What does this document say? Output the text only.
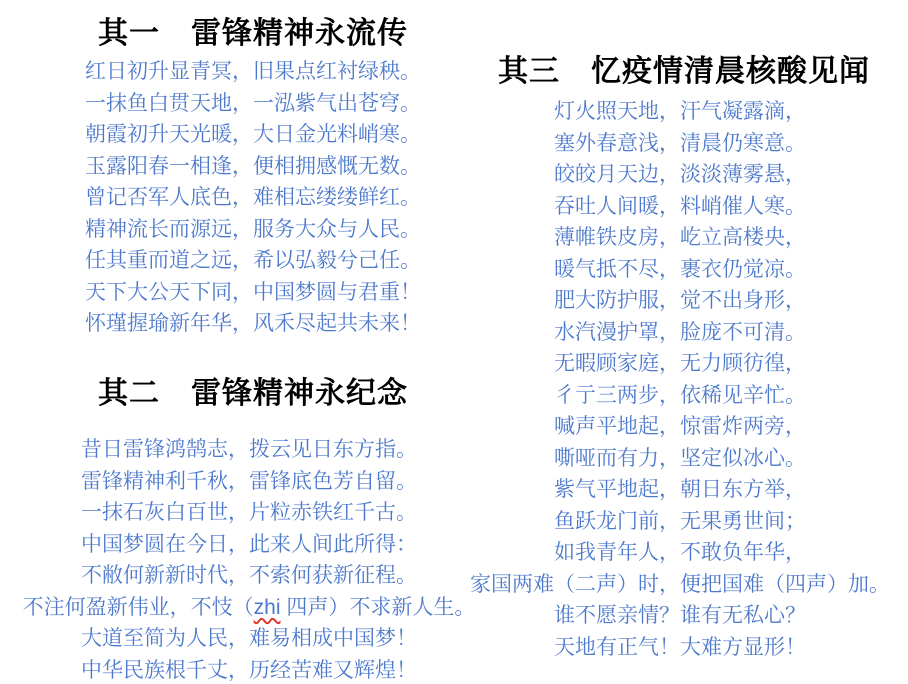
其一　雷锋精神永流传
红日初升显青冥，旧果点红衬绿秧。
一抹鱼白贯天地，一泓紫气出苍穹。
朝霞初升天光暖，大日金光料峭寒。
玉露阳春一相逢，便相拥感慨无数。
曾记否军人底色，难相忘缕缕鲜红。
精神流长而源远，服务大众与人民。
任其重而道之远，希以弘毅兮己任。
天下大公天下同，中国梦圆与君重！
怀瑾握瑜新年华，风禾尽起共未来！
其二　雷锋精神永纪念
昔日雷锋鸿鹄志，拨云见日东方指。
雷锋精神利千秋，雷锋底色芳自留。
一抹石灰白百世，片粒赤铁红千古。
中国梦圆在今日，此来人间此所得：
不敝何新新时代，不索何获新征程。
不注何盈新伟业，不忮（zhi 四声）不求新人生。
大道至简为人民，难易相成中国梦！
中华民族根千丈，历经苦难又辉煌！
其三　忆疫情清晨核酸见闻
灯火照天地，汗气凝露滴，
塞外春意浅，清晨仍寒意。
皎皎月天边，淡淡薄雾悬，
吞吐人间暖，料峭催人寒。
薄帷铁皮房，屹立高楼央，
暖气抵不尽，裹衣仍觉凉。
肥大防护服，觉不出身形，
水汽漫护罩，脸庞不可清。
无暇顾家庭，无力顾彷徨，
彳亍三两步，依稀见辛忙。
喊声平地起，惊雷炸两旁，
嘶哑而有力，坚定似冰心。
紫气平地起，朝日东方举，
鱼跃龙门前，无果勇世间；
如我青年人，不敢负年华，
家国两难（二声）时，便把国难（四声）加。
谁不愿亲情？谁有无私心？
天地有正气！大难方显形！
